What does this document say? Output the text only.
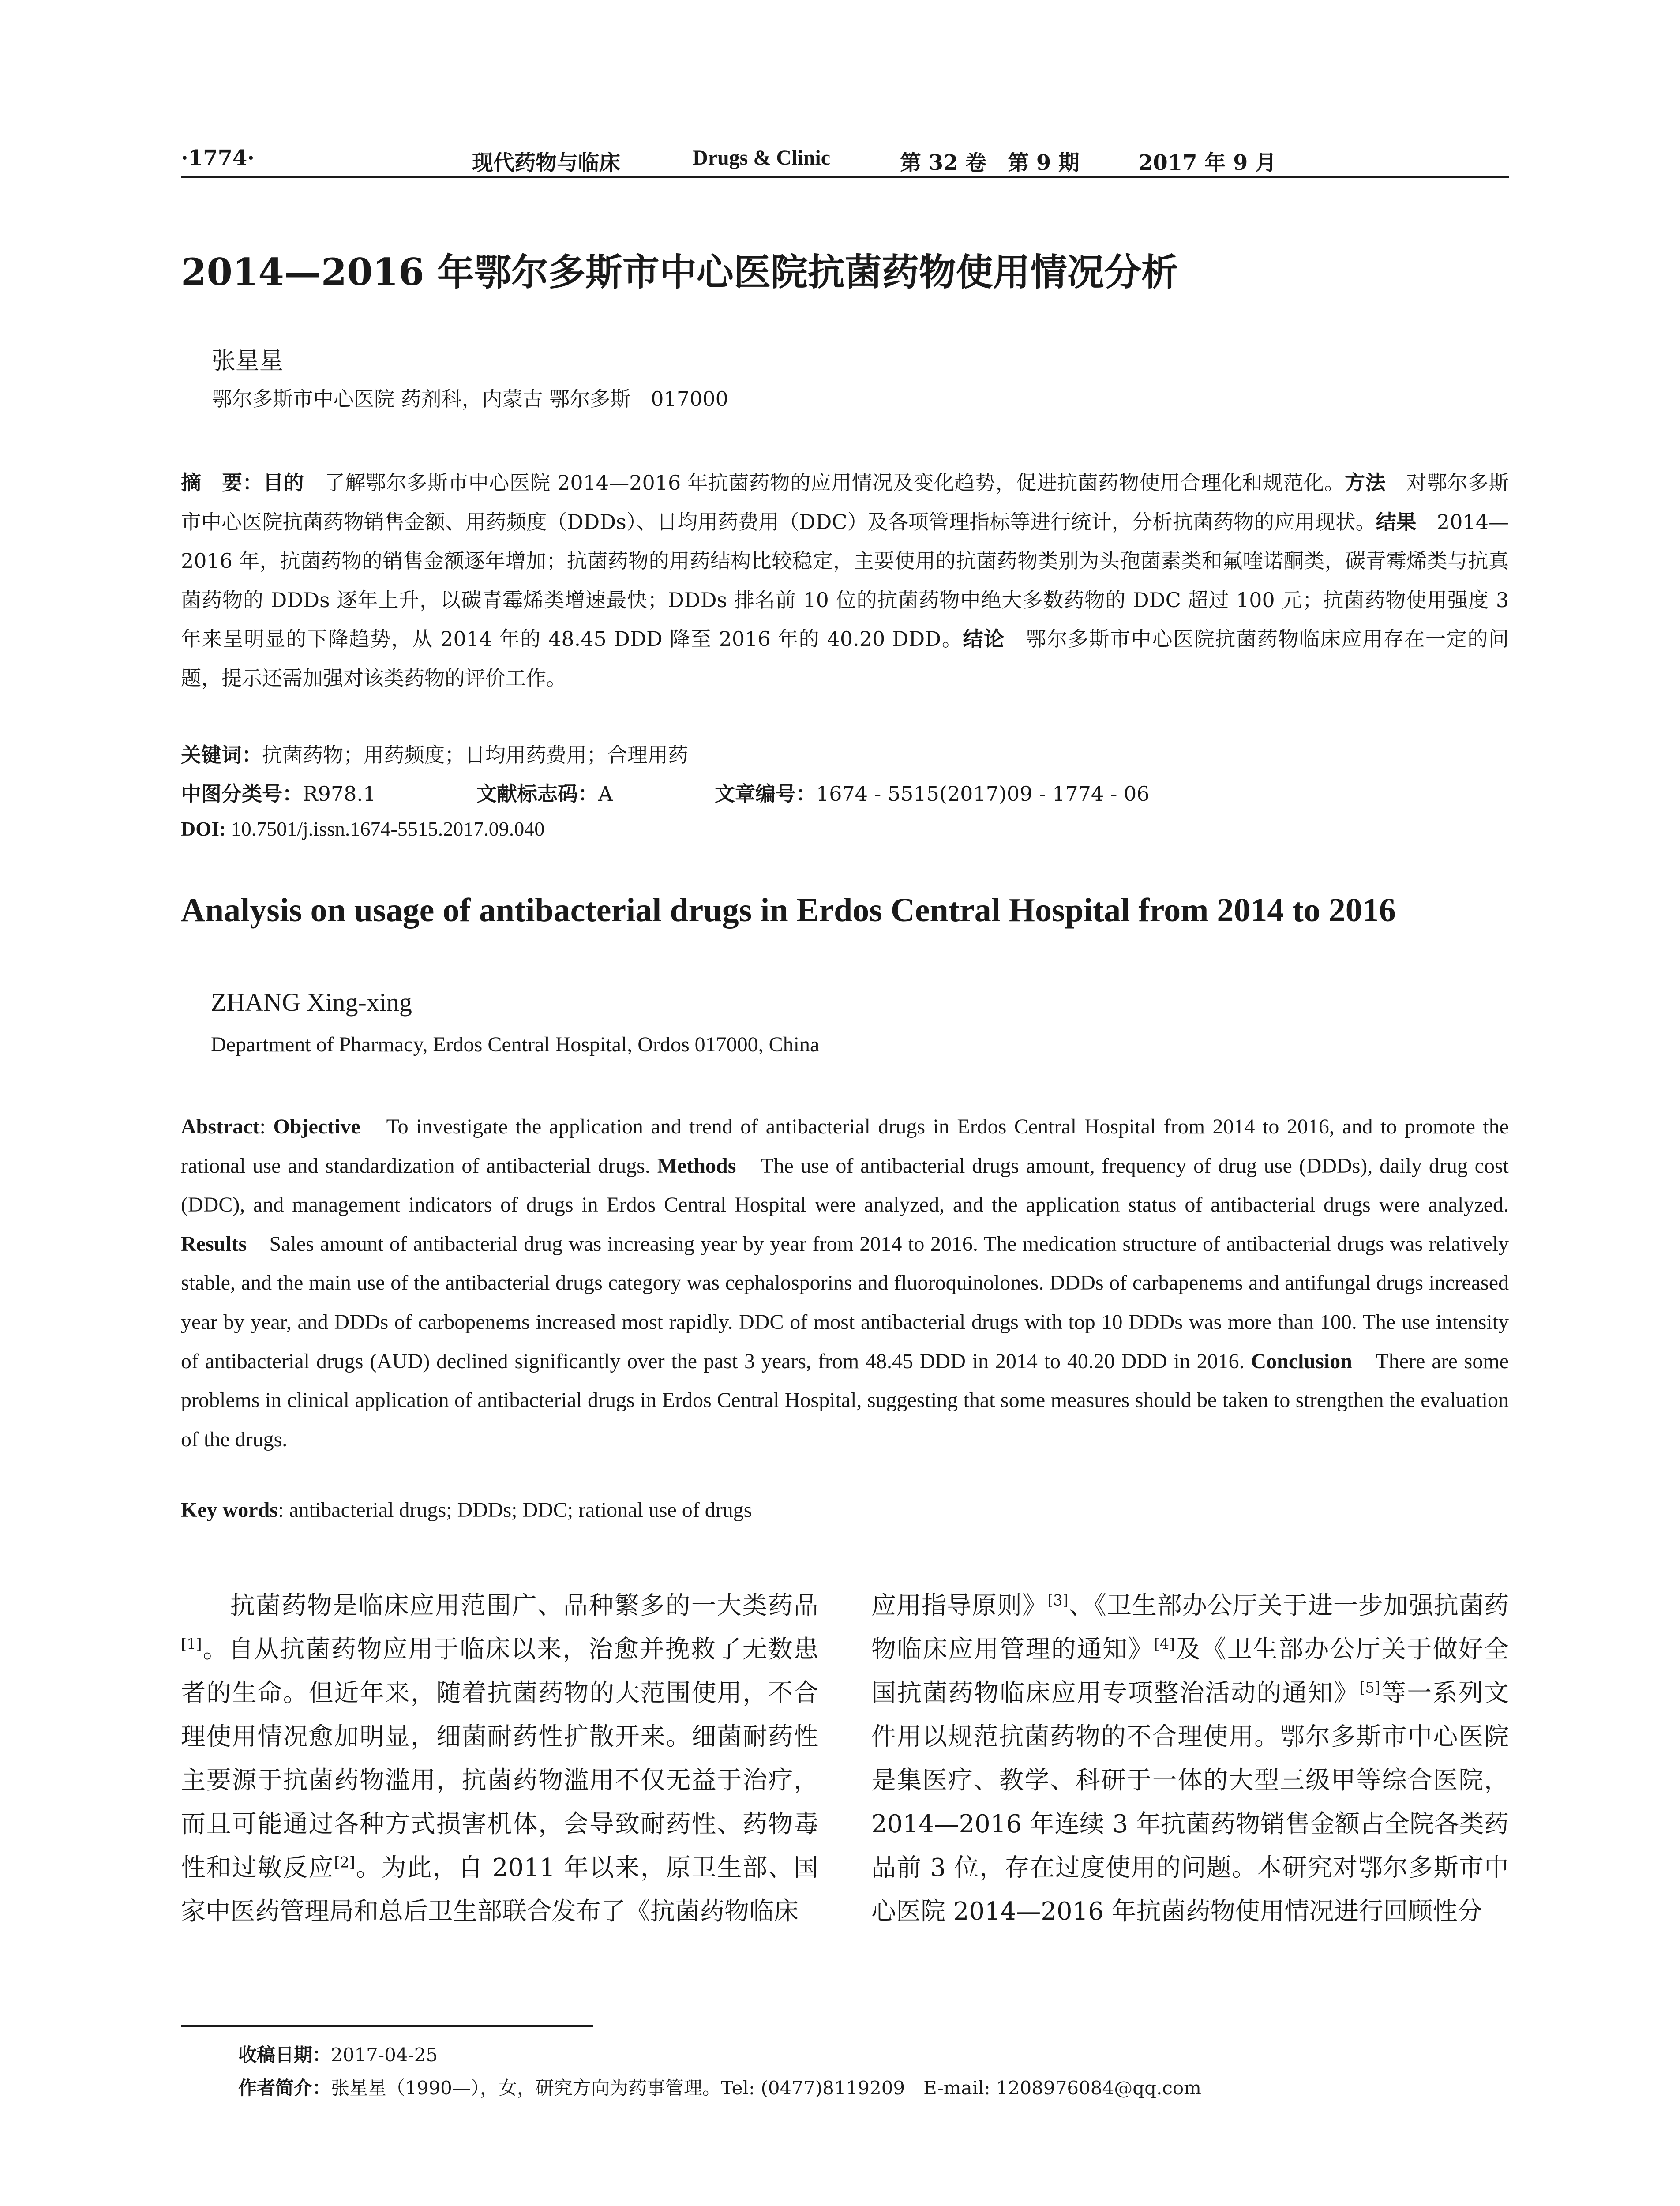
·1774·	现代药物与临床	Drugs & Clinic	第 32 卷　第 9 期	2017 年 9 月
2014—2016 年鄂尔多斯市中心医院抗菌药物使用情况分析
张星星
鄂尔多斯市中心医院 药剂科，内蒙古 鄂尔多斯　017000
摘　要：目的　了解鄂尔多斯市中心医院 2014—2016 年抗菌药物的应用情况及变化趋势，促进抗菌药物使用合理化和规范化。方法　对鄂尔多斯市中心医院抗菌药物销售金额、用药频度（DDDs）、日均用药费用（DDC）及各项管理指标等进行统计，分析抗菌药物的应用现状。结果　2014—2016 年，抗菌药物的销售金额逐年增加；抗菌药物的用药结构比较稳定，主要使用的抗菌药物类别为头孢菌素类和氟喹诺酮类，碳青霉烯类与抗真菌药物的 DDDs 逐年上升，以碳青霉烯类增速最快；DDDs 排名前 10 位的抗菌药物中绝大多数药物的 DDC 超过 100 元；抗菌药物使用强度 3 年来呈明显的下降趋势，从 2014 年的 48.45 DDD 降至 2016 年的 40.20 DDD。结论　鄂尔多斯市中心医院抗菌药物临床应用存在一定的问题，提示还需加强对该类药物的评价工作。
关键词：抗菌药物；用药频度；日均用药费用；合理用药
中图分类号：R978.1	文献标志码：A	文章编号：1674 - 5515(2017)09 - 1774 - 06
DOI: 10.7501/j.issn.1674-5515.2017.09.040
Analysis on usage of antibacterial drugs in Erdos Central Hospital from 2014 to 2016
ZHANG Xing-xing
Department of Pharmacy, Erdos Central Hospital, Ordos 017000, China
Abstract: Objective　To investigate the application and trend of antibacterial drugs in Erdos Central Hospital from 2014 to 2016, and to promote the rational use and standardization of antibacterial drugs. Methods　The use of antibacterial drugs amount, frequency of drug use (DDDs), daily drug cost (DDC), and management indicators of drugs in Erdos Central Hospital were analyzed, and the application status of antibacterial drugs were analyzed. Results　Sales amount of antibacterial drug was increasing year by year from 2014 to 2016. The medication structure of antibacterial drugs was relatively stable, and the main use of the antibacterial drugs category was cephalosporins and fluoroquinolones. DDDs of carbapenems and antifungal drugs increased year by year, and DDDs of carbopenems increased most rapidly. DDC of most antibacterial drugs with top 10 DDDs was more than 100. The use intensity of antibacterial drugs (AUD) declined significantly over the past 3 years, from 48.45 DDD in 2014 to 40.20 DDD in 2016. Conclusion　There are some problems in clinical application of antibacterial drugs in Erdos Central Hospital, suggesting that some measures should be taken to strengthen the evaluation of the drugs.
Key words: antibacterial drugs; DDDs; DDC; rational use of drugs
抗菌药物是临床应用范围广、品种繁多的一大类药品[1]。自从抗菌药物应用于临床以来，治愈并挽救了无数患者的生命。但近年来，随着抗菌药物的大范围使用，不合理使用情况愈加明显，细菌耐药性扩散开来。细菌耐药性主要源于抗菌药物滥用，抗菌药物滥用不仅无益于治疗，而且可能通过各种方式损害机体，会导致耐药性、药物毒性和过敏反应[2]。为此，自 2011 年以来，原卫生部、国家中医药管理局和总后卫生部联合发布了《抗菌药物临床
应用指导原则》[3]、《卫生部办公厅关于进一步加强抗菌药物临床应用管理的通知》[4]及《卫生部办公厅关于做好全国抗菌药物临床应用专项整治活动的通知》[5]等一系列文件用以规范抗菌药物的不合理使用。鄂尔多斯市中心医院是集医疗、教学、科研于一体的大型三级甲等综合医院，2014—2016 年连续 3 年抗菌药物销售金额占全院各类药品前 3 位，存在过度使用的问题。本研究对鄂尔多斯市中心医院 2014—2016 年抗菌药物使用情况进行回顾性分
收稿日期：2017-04-25
作者简介：张星星（1990—），女，研究方向为药事管理。Tel: (0477)8119209　E-mail: 1208976084@qq.com
